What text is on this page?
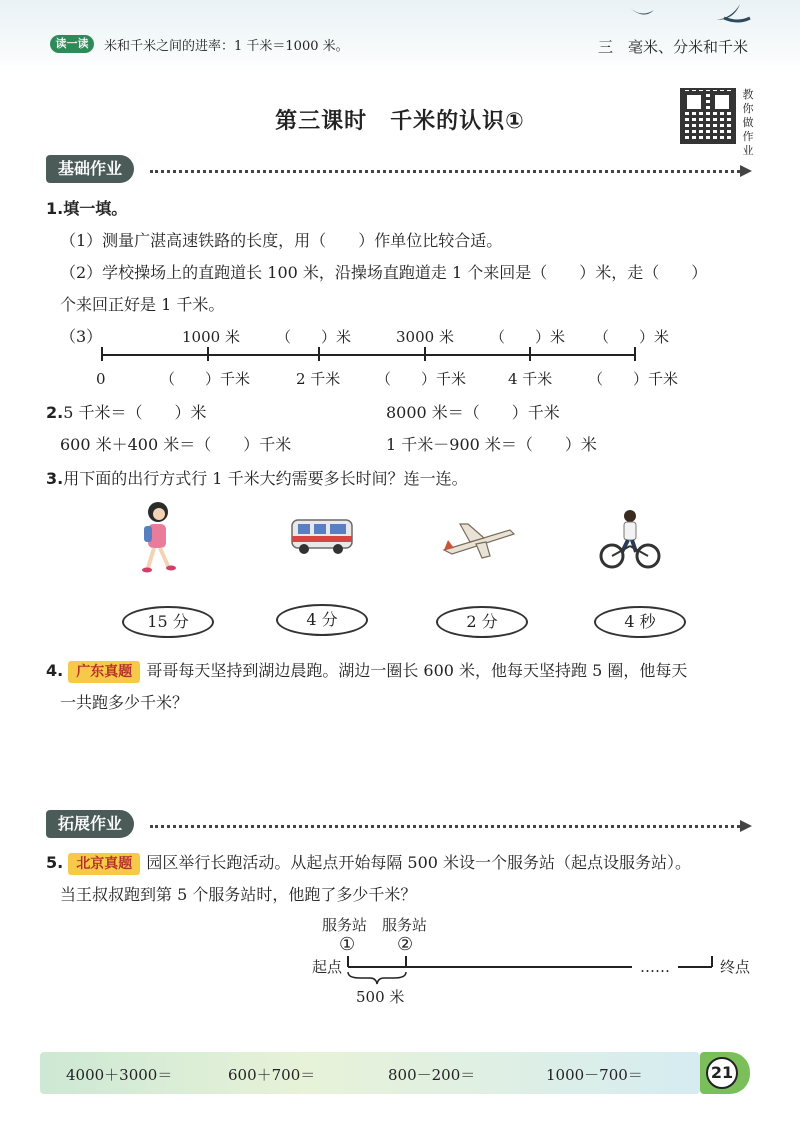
读一读	米和千米之间的进率：1 千米＝1000 米。	三　毫米、分米和千米
第三课时　千米的认识①
教
你
做
作
业
基础作业
1.填一填。
（1）测量广湛高速铁路的长度，用（ ）作单位比较合适。
（2）学校操场上的直跑道长 100 米，沿操场直跑道走 1 个来回是（ ）米，走（ ）
个来回正好是 1 千米。
（3）	1000 米 （　　）米	3000 米 （　　）米 （　　）米
0	（　　）千米	2 千米 （　　）千米	4 千米 （　　）千米
2.5 千米＝（　　）米	8000 米＝（　　）千米
600 米＋400 米＝（　　）千米	1 千米－900 米＝（　　）米
3.用下面的出行方式行 1 千米大约需要多长时间？连一连。
15 分	4 分	2 分	4 秒
4. 广东真题 哥哥每天坚持到湖边晨跑。湖边一圈长 600 米，他每天坚持跑 5 圈，他每天
一共跑多少千米？
拓展作业
5. 北京真题 园区举行长跑活动。从起点开始每隔 500 米设一个服务站（起点设服务站）。
当王叔叔跑到第 5 个服务站时，他跑了多少千米？
服务站 服务站
① ②
起点	……	终点
500 米
4000＋3000＝	600＋700＝	800－200＝	1000－700＝	21
